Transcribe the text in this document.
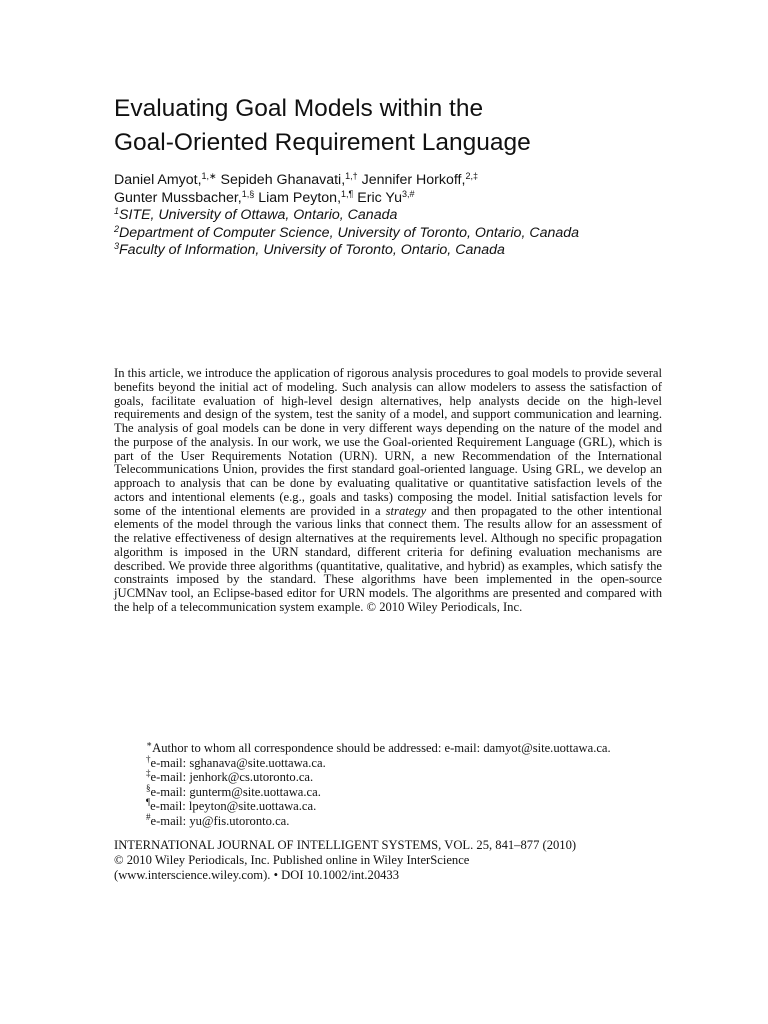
Evaluating Goal Models within the
Goal-Oriented Requirement Language
Daniel Amyot,$^{1,∗}$ Sepideh Ghanavati,$^{1,\dagger}$ Jennifer Horkoff,$^{2,\ddagger}$
Gunter Mussbacher,$^{1,\S}$ Liam Peyton,$^{1,\P}$ Eric $Yu^{3,\#}$
$^1$SITE, University of Ottawa, Ontario, Canada
$^2$Department of Computer Science, University of Toronto, Ontario, Canada
$^3$Faculty of Information, University of Toronto, Ontario, Canada

In this article, we introduce the application of rigorous analysis procedures to goal models to provide several benefits beyond the initial act of modeling. Such analysis can allow modelers to assess the satisfaction of goals, facilitate evaluation of high-level design alternatives, help analysts decide on the high-level requirements and design of the system, test the sanity of a model, and support communication and learning. The analysis of goal models can be done in very different ways depending on the nature of the model and the purpose of the analysis. In our work, we use the Goal-oriented Requirement Language (GRL), which is part of the User Requirements Notation (URN). URN, a new Recommendation of the International Telecommunications Union, provides the first standard goal-oriented language. Using GRL, we develop an approach to analysis that can be done by evaluating qualitative or quantitative satisfaction levels of the actors and intentional elements (e.g., goals and tasks) composing the model. Initial satisfaction levels for some of the intentional elements are provided in a strategy and then propagated to the other intentional elements of the model through the various links that connect them. The results allow for an assessment of the relative effectiveness of design alternatives at the requirements level. Although no specific propagation algorithm is imposed in the URN standard, different criteria for defining evaluation mechanisms are described. We provide three algorithms (quantitative, qualitative, and hybrid) as examples, which satisfy the constraints imposed by the standard. These algorithms have been implemented in the open-source jUCMNav tool, an Eclipse-based editor for URN models. The algorithms are presented and compared with the help of a telecommunication system example. © 2010 Wiley Periodicals, Inc.

∗Author to whom all correspondence should be addressed: e-mail: damyot@site.uottawa.ca.
†e-mail: sghanava@site.uottawa.ca.
‡e-mail: jenhork@cs.utoronto.ca.
§e-mail: gunterm@site.uottawa.ca.
¶e-mail: lpeyton@site.uottawa.ca.
#e-mail: yu@fis.utoronto.ca.
INTERNATIONAL JOURNAL OF INTELLIGENT SYSTEMS, VOL. 25, 841–877 (2010)
© 2010 Wiley Periodicals, Inc. Published online in Wiley InterScience
(www.interscience.wiley.com). • DOI 10.1002/int.20433
